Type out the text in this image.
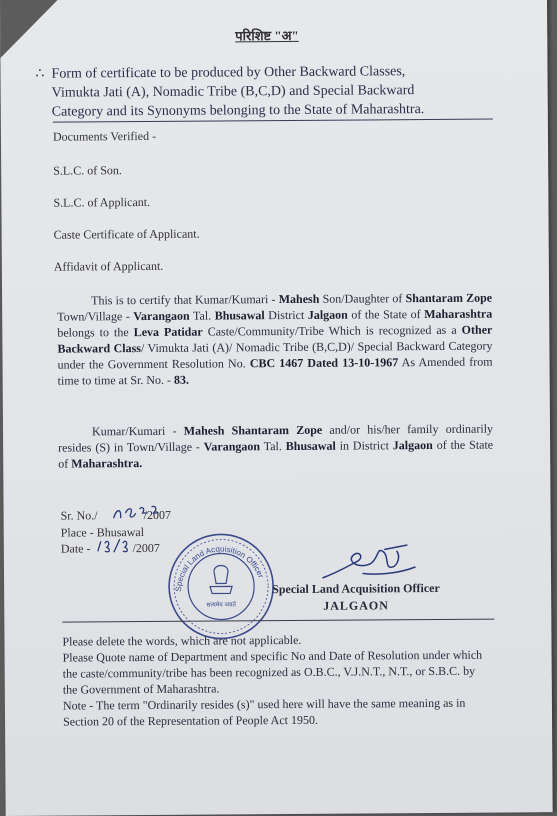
परिशिष्ट "अ"
∴ Form of certificate to be produced by Other Backward Classes,
Vimukta Jati (A), Nomadic Tribe (B,C,D) and Special Backward
Category and its Synonyms belonging to the State of Maharashtra.
Documents Verified -
S.L.C. of Son.
S.L.C. of Applicant.
Caste Certificate of Applicant.
Affidavit of Applicant.
This is to certify that Kumar/Kumari - Mahesh Son/Daughter of Shantaram Zope Town/Village - Varangaon Tal. Bhusawal District Jalgaon of the State of Maharashtra belongs to the Leva Patidar Caste/Community/Tribe Which is recognized as a Other Backward Class/ Vimukta Jati (A)/ Nomadic Tribe (B,C,D)/ Special Backward Category under the Government Resolution No. CBC 1467 Dated 13-10-1967 As Amended from time to time at Sr. No. - 83.
Kumar/Kumari - Mahesh Shantaram Zope and/or his/her family ordinarily resides (S) in Town/Village - Varangaon Tal. Bhusawal in District Jalgaon of the State of Maharashtra.
Sr. No./	/2007
Place - Bhusawal
Date -	/2007
Special Land Acquisition Officer
सत्यमेव जयते
Special Land Acquisition Officer
JALGAON
Please delete the words, which are not applicable.
Please Quote name of Department and specific No and Date of Resolution under which the caste/community/tribe has been recognized as O.B.C., V.J.N.T., N.T., or S.B.C. by the Government of Maharashtra.
Note - The term "Ordinarily resides (s)" used here will have the same meaning as in Section 20 of the Representation of People Act 1950.
